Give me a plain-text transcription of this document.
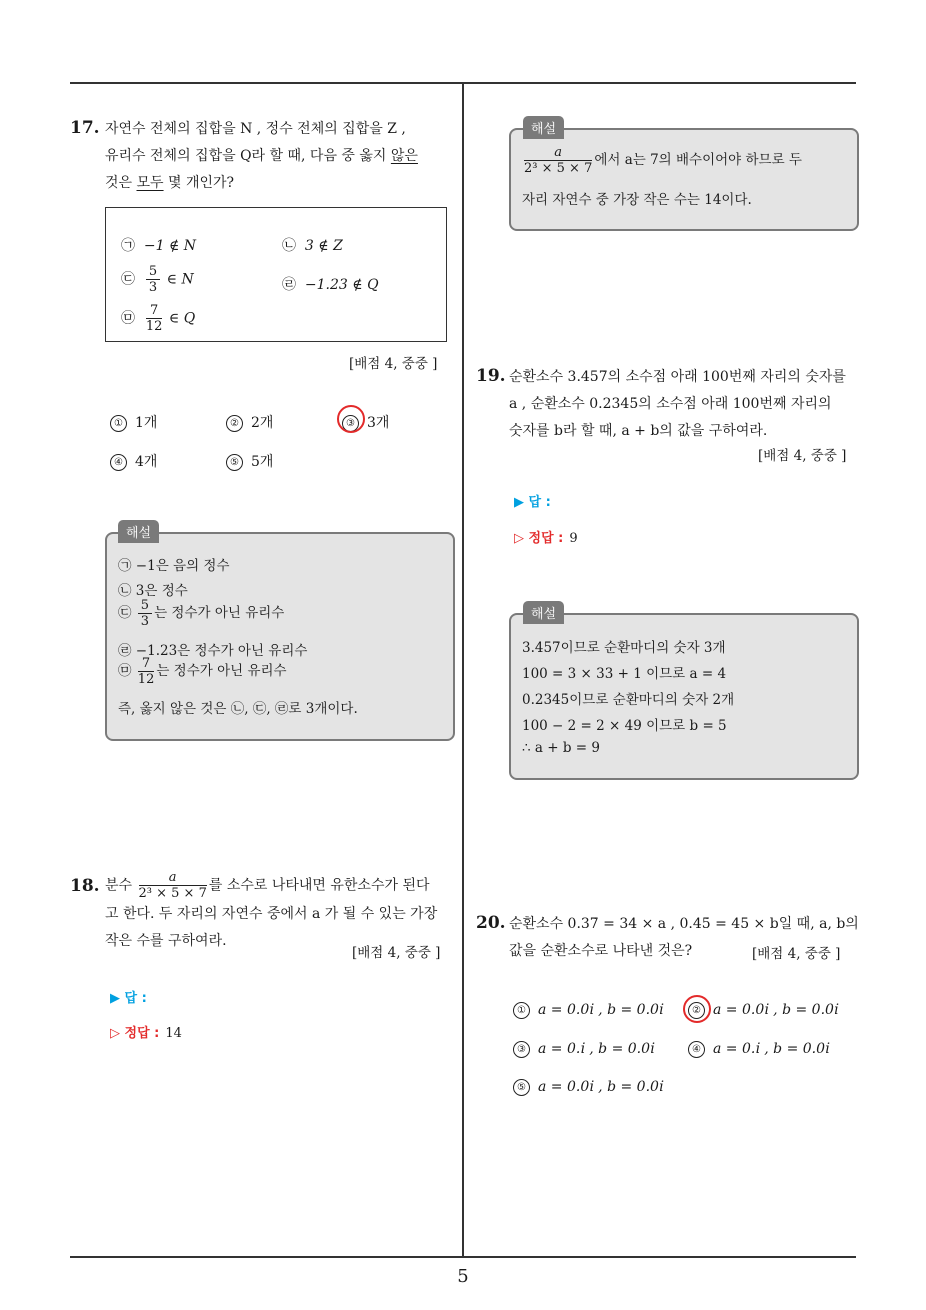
5
17. 자연수 전체의 집합을 N , 정수 전체의 집합을 Z ,
유리수 전체의 집합을 Q라 할 때, 다음 중 옳지 않은
것은 모두 몇 개인가?
㉠ −1 ∉ N	㉡ 3 ∉ Z
㉢ $\frac{5}{3}$ ∈ N	㉣ −1.23 ∉ Q
㉤ $\frac{7}{12}$ ∈ Q
[배점 4, 중중 ]
① 1개	② 2개	③ 3개
④ 4개	⑤ 5개
해설
㉠ −1은 음의 정수
㉡ 3은 정수
㉢ $\frac{5}{3}$ 는 정수가 아닌 유리수
㉣ −1.23은 정수가 아닌 유리수
㉤ $\frac{7}{12}$ 는 정수가 아닌 유리수
즉, 옳지 않은 것은 ㉡, ㉢, ㉣로 3개이다.
18. 분수 $\frac{a}{\text{2³ × 5 × 7}}$ 를 소수로 나타내면 유한소수가 된다
고 한다. 두 자리의 자연수 중에서 a 가 될 수 있는 가장
작은 수를 구하여라.
[배점 4, 중중 ]
▶ 답 :
▷ 정답 : 14
해설
$\frac{a}{\text{2³ × 5 × 7}}$ 에서 a는 7의 배수이어야 하므로 두
자리 자연수 중 가장 작은 수는 14이다.
19. 순환소수 3.4̇57̇의 소수점 아래 100번째 자리의 숫자를
a , 순환소수 0.234̇5̇의 소수점 아래 100번째 자리의
숫자를 b라 할 때, a + b의 값을 구하여라.
[배점 4, 중중 ]
▶ 답 :
▷ 정답 : 9
해설
3.4̇57̇이므로 순환마디의 숫자 3개
100 = 3 × 33 + 1 이므로 a = 4
0.234̇5̇이므로 순환마디의 숫자 2개
100 − 2 = 2 × 49 이므로 b = 5
∴ a + b = 9
20. 순환소수 0.37̇ = 34 × a , 0.45̇ = 45 × b일 때, a, b의
값을 순환소수로 나타낸 것은?	[배점 4, 중중 ]
① a = 0.0i̇ , b = 0.0i̇	② a = 0.0i̇ , b = 0.0i̇
③ a = 0.i̇ , b = 0.0i̇	④ a = 0.i̇ , b = 0.0i̇
⑤ a = 0.0i̇ , b = 0.0i̇
